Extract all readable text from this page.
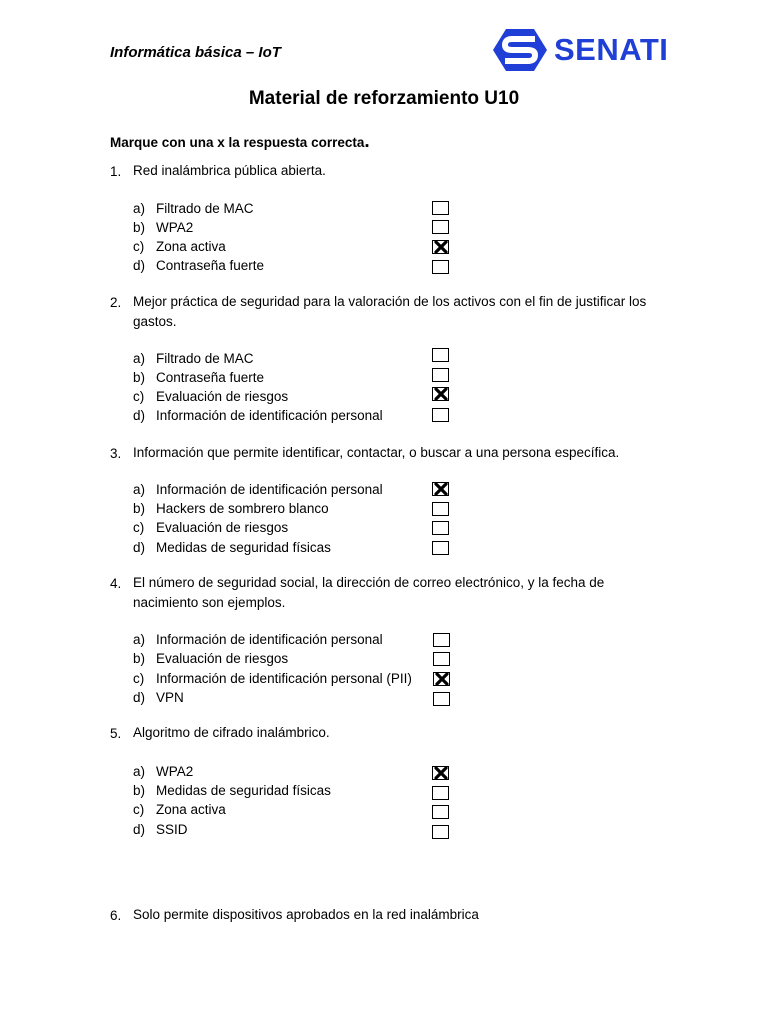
Informática básica – IoT	SENATI
Material de reforzamiento U10
Marque con una x la respuesta correcta.
1. Red inalámbrica pública abierta.
a) Filtrado de MAC
b) WPA2
c) Zona activa
d) Contraseña fuerte
2. Mejor práctica de seguridad para la valoración de los activos con el fin de justificar los gastos.
a) Filtrado de MAC
b) Contraseña fuerte
c) Evaluación de riesgos
d) Información de identificación personal
3. Información que permite identificar, contactar, o buscar a una persona específica.
a) Información de identificación personal
b) Hackers de sombrero blanco
c) Evaluación de riesgos
d) Medidas de seguridad físicas
4. El número de seguridad social, la dirección de correo electrónico, y la fecha de nacimiento son ejemplos.
a) Información de identificación personal
b) Evaluación de riesgos
c) Información de identificación personal (PII)
d) VPN
5. Algoritmo de cifrado inalámbrico.
a) WPA2
b) Medidas de seguridad físicas
c) Zona activa
d) SSID
6. Solo permite dispositivos aprobados en la red inalámbrica
